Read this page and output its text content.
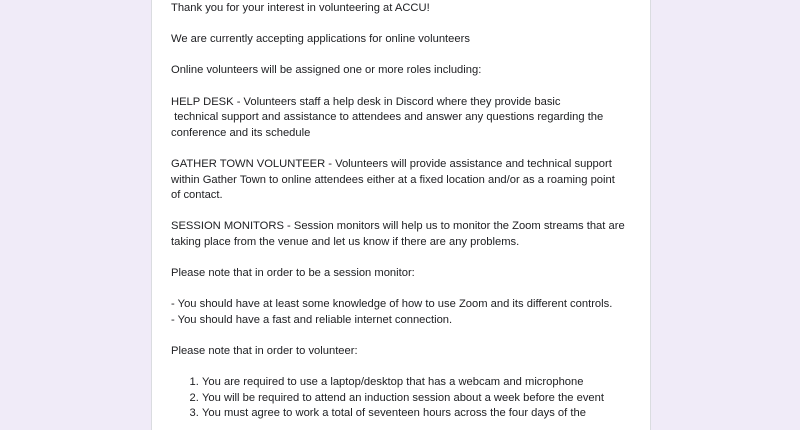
Thank you for your interest in volunteering at ACCU!

We are currently accepting applications for online volunteers

Online volunteers will be assigned one or more roles including:

HELP DESK - Volunteers staff a help desk in Discord where they provide basic
technical support and assistance to attendees and answer any questions regarding the
conference and its schedule

GATHER TOWN VOLUNTEER - Volunteers will provide assistance and technical support
within Gather Town to online attendees either at a fixed location and/or as a roaming point
of contact.

SESSION MONITORS - Session monitors will help us to monitor the Zoom streams that are
taking place from the venue and let us know if there are any problems.

Please note that in order to be a session monitor:

- You should have at least some knowledge of how to use Zoom and its different controls.
- You should have a fast and reliable internet connection.

Please note that in order to volunteer:

1. You are required to use a laptop/desktop that has a webcam and microphone
2. You will be required to attend an induction session about a week before the event
3. You must agree to work a total of seventeen hours across the four days of the
